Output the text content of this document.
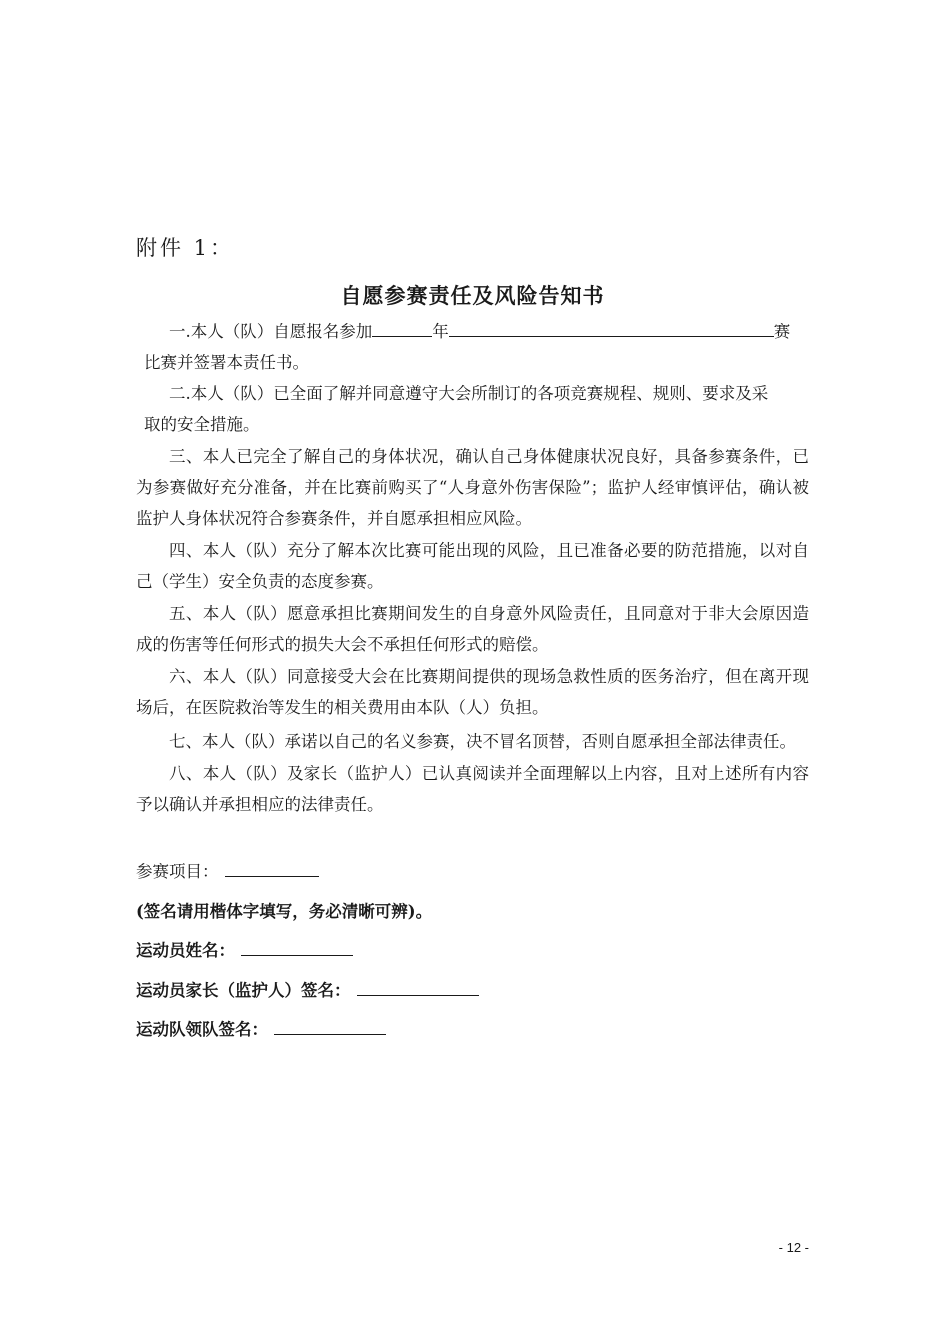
附件 1：
自愿参赛责任及风险告知书
一.本人（队）自愿报名参加	年	赛
比赛并签署本责任书。
二.本人（队）已全面了解并同意遵守大会所制订的各项竞赛规程、规则、要求及采
取的安全措施。
三、本人已完全了解自己的身体状况，确认自己身体健康状况良好，具备参赛条件，已为参赛做好充分准备，并在比赛前购买了“人身意外伤害保险”；监护人经审慎评估，确认被监护人身体状况符合参赛条件，并自愿承担相应风险。
四、本人（队）充分了解本次比赛可能出现的风险，且已准备必要的防范措施，以对自己（学生）安全负责的态度参赛。
五、本人（队）愿意承担比赛期间发生的自身意外风险责任，且同意对于非大会原因造成的伤害等任何形式的损失大会不承担任何形式的赔偿。
六、本人（队）同意接受大会在比赛期间提供的现场急救性质的医务治疗，但在离开现场后，在医院救治等发生的相关费用由本队（人）负担。
七、本人（队）承诺以自己的名义参赛，决不冒名顶替，否则自愿承担全部法律责任。
八、本人（队）及家长（监护人）已认真阅读并全面理解以上内容，且对上述所有内容予以确认并承担相应的法律责任。
参赛项目：
(签名请用楷体字填写，务必清晰可辨)。
运动员姓名：
运动员家长（监护人）签名：
运动队领队签名：
- 12 -
